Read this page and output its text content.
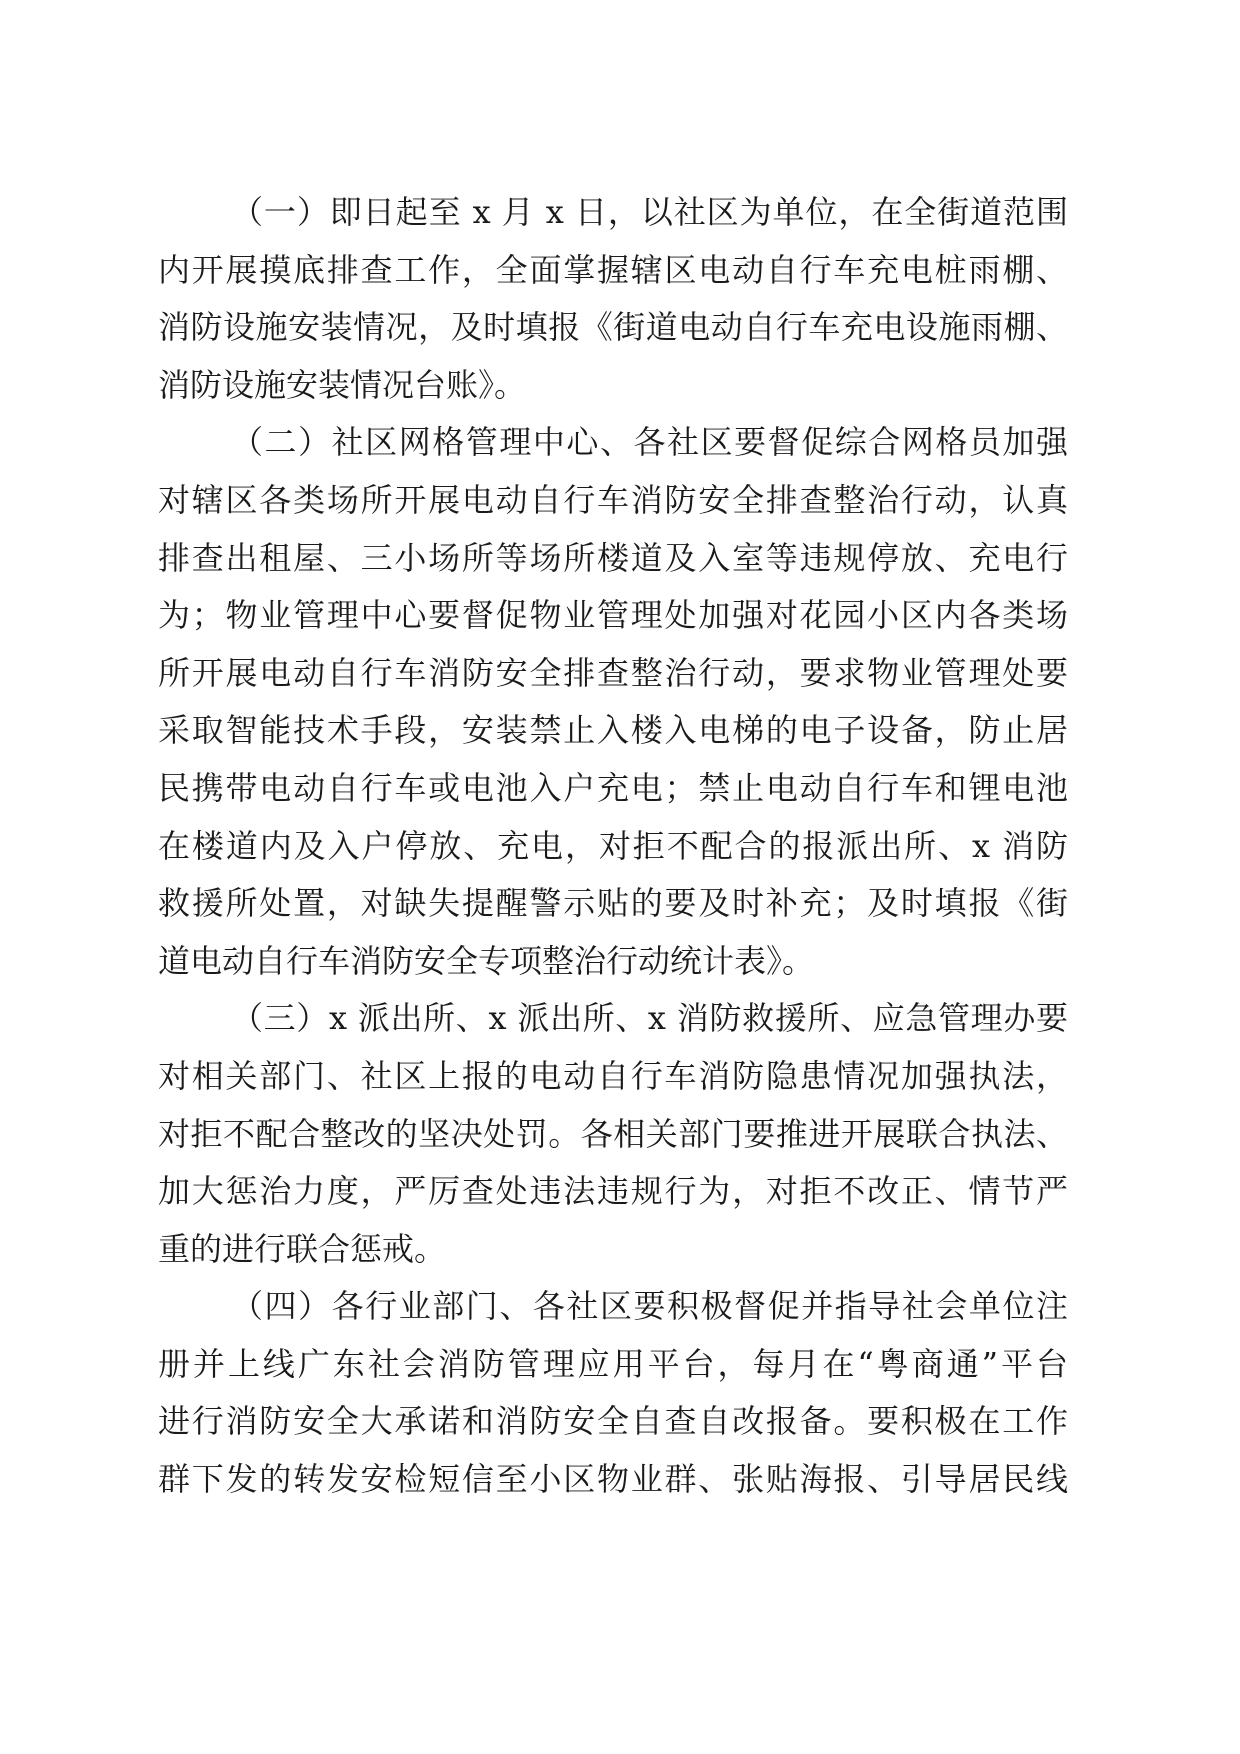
（一）即日起至 x 月 x 日，以社区为单位，在全街道范围
内开展摸底排查工作，全面掌握辖区电动自行车充电桩雨棚、
消防设施安装情况，及时填报《街道电动自行车充电设施雨棚、
消防设施安装情况台账》。
（二）社区网格管理中心、各社区要督促综合网格员加强
对辖区各类场所开展电动自行车消防安全排查整治行动，认真
排查出租屋、三小场所等场所楼道及入室等违规停放、充电行
为；物业管理中心要督促物业管理处加强对花园小区内各类场
所开展电动自行车消防安全排查整治行动，要求物业管理处要
采取智能技术手段，安装禁止入楼入电梯的电子设备，防止居
民携带电动自行车或电池入户充电；禁止电动自行车和锂电池
在楼道内及入户停放、充电，对拒不配合的报派出所、x 消防
救援所处置，对缺失提醒警示贴的要及时补充；及时填报《街
道电动自行车消防安全专项整治行动统计表》。
（三）x 派出所、x 派出所、x 消防救援所、应急管理办要
对相关部门、社区上报的电动自行车消防隐患情况加强执法，
对拒不配合整改的坚决处罚。各相关部门要推进开展联合执法、
加大惩治力度，严厉查处违法违规行为，对拒不改正、情节严
重的进行联合惩戒。
（四）各行业部门、各社区要积极督促并指导社会单位注
册并上线广东社会消防管理应用平台，每月在“粤商通”平台
进行消防安全大承诺和消防安全自查自改报备。要积极在工作
群下发的转发安检短信至小区物业群、张贴海报、引导居民线
